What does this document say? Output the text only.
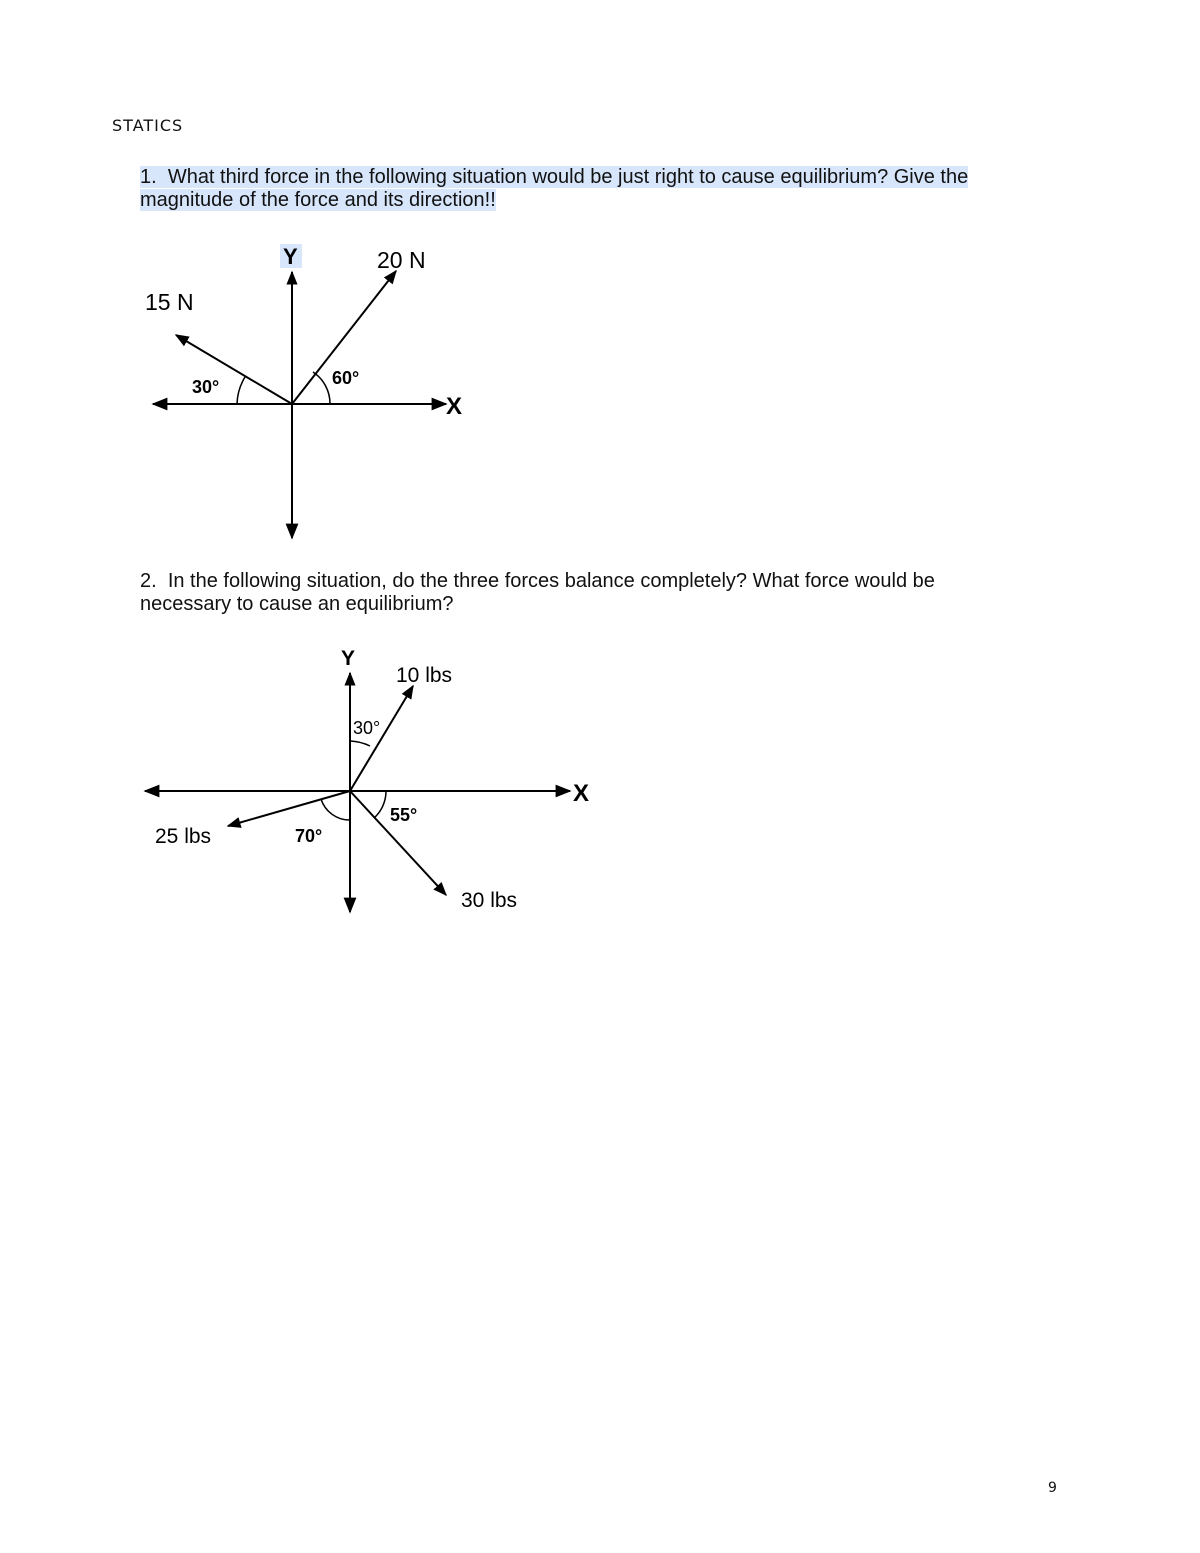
STATICS
1. What third force in the following situation would be just right to cause equilibrium? Give the
magnitude of the force and its direction!!
2. In the following situation, do the three forces balance completely? What force would be
necessary to cause an equilibrium?
Y
X
15 N
20 N
30°	60°
Y
X
10 lbs
25 lbs
30 lbs
30°
70°
55°
9
